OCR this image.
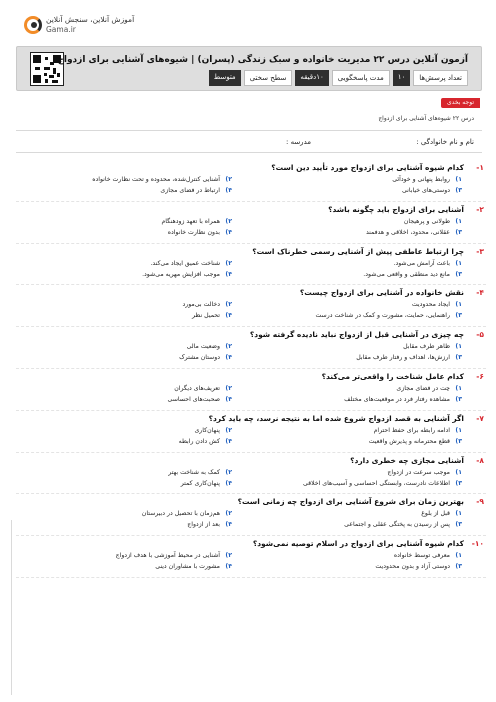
آموزش آنلاین، سنجش آنلاین
Gama.ir
آزمون آنلاین درس ۲۲ مدیریت خانواده و سبک زندگی (پسران) | شیوه‌های آشنایی برای ازدواج
تعداد پرسش‌ها
۱۰
مدت پاسخگویی
۱۰دقیقه
سطح سختی
متوسط
توجه بخدی
درس ۲۲ شیوه‌های آشنایی برای ازدواج
نام و نام خانوادگی :
مدرسه :
۱-
کدام شیوه آشنایی برای ازدواج مورد تأیید دین است؟
۱)
روابط پنهانی و خودآئی
۲)
آشنایی کنترل‌شده، محدوده و تحت نظارت خانواده
۳)
دوستی‌های خیابانی
۴)
ارتباط در فضای مجازی
۲-
آشنایی برای ازدواج باید چگونه باشد؟
۱)
طولانی و پرهیجان
۲)
همراه با تعهد زودهنگام
۳)
عقلانی، محدود، اخلاقی و هدفمند
۴)
بدون نظارت خانواده
۳-
چرا ارتباط عاطفی پیش از آشنایی رسمی خطرناک است؟
۱)
باعث آرامش می‌شود.
۲)
شناخت عمیق ایجاد می‌کند.
۳)
مانع دید منطقی و واقعی می‌شود.
۴)
موجب افزایش مهریه می‌شود.
۴-
نقش خانواده در آشنایی برای ازدواج چیست؟
۱)
ایجاد محدودیت
۲)
دخالت بی‌مورد
۳)
راهنمایی، حمایت، مشورت و کمک در شناخت درست
۴)
تحمیل نظر
۵-
چه چیزی در آشنایی قبل از ازدواج نباید نادیده گرفته شود؟
۱)
ظاهر طرف مقابل
۲)
وضعیت مالی
۳)
ارزش‌ها، اهداف و رفتار طرف مقابل
۴)
دوستان مشترک
۶-
کدام عامل شناخت را واقعی‌تر می‌کند؟
۱)
چت در فضای مجازی
۲)
تعریف‌های دیگران
۳)
مشاهده رفتار فرد در موقعیت‌های مختلف
۴)
صحبت‌های احساسی
۷-
اگر آشنایی به قصد ازدواج شروع شده اما به نتیجه نرسد، چه باید کرد؟
۱)
ادامه رابطه برای حفظ احترام
۲)
پنهان‌کاری
۳)
قطع محترمانه و پذیرش واقعیت
۴)
کش دادن رابطه
۸-
آشنایی مجازی چه خطری دارد؟
۱)
موجب سرعت در ازدواج
۲)
کمک به شناخت بهتر
۳)
اطلاعات نادرست، وابستگی احساسی و آسیب‌های اخلاقی
۴)
پنهان‌کاری کمتر
۹-
بهترین زمان برای شروع آشنایی برای ازدواج چه زمانی است؟
۱)
قبل از بلوغ
۲)
هم‌زمان با تحصیل در دبیرستان
۳)
پس از رسیدن به پختگی عقلی و اجتماعی
۴)
بعد از ازدواج
۱۰-
کدام شیوه آشنایی برای ازدواج در اسلام توصیه نمی‌شود؟
۱)
معرفی توسط خانواده
۲)
آشنایی در محیط آموزشی با هدف ازدواج
۳)
دوستی آزاد و بدون محدودیت
۴)
مشورت با مشاوران دینی
